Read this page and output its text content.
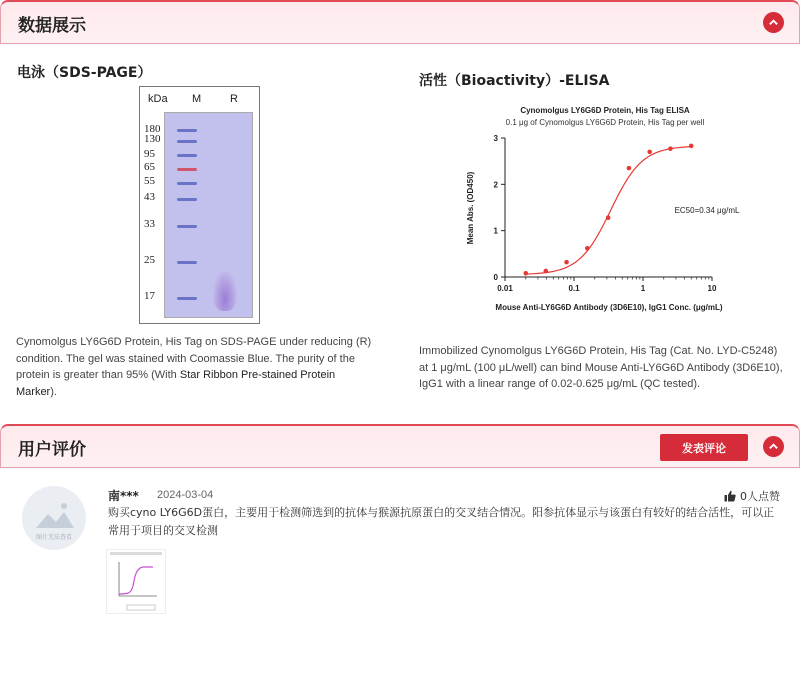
数据展示
电泳（SDS-PAGE）
kDa M	R
180
130
95
65
55
43
33
25
17
Cynomolgus LY6G6D Protein, His Tag on SDS-PAGE under reducing (R) condition. The gel was stained with Coomassie Blue. The purity of the protein is greater than 95% (With Star Ribbon Pre-stained Protein Marker).
活性（Bioactivity）-ELISA
Cynomolgus LY6G6D Protein, His Tag ELISA
0.1 μg of Cynomolgus LY6G6D Protein, His Tag per well
Mean Abs. (OD450)
Mouse Anti-LY6G6D Antibody (3D6E10), IgG1 Conc. (μg/mL)
EC50=0.34 μg/mL
0
1
2
3
0.01	0.1	1	10
Immobilized Cynomolgus LY6G6D Protein, His Tag (Cat. No. LYD-C5248) at 1 μg/mL (100 μL/well) can bind Mouse Anti-LY6G6D Antibody (3D6E10), IgG1 with a linear range of 0.02-0.625 μg/mL (QC tested).
用户评价	发表评论
图片无法查看
南*** 2024-03-04	0人点赞
购买cyno LY6G6D蛋白，主要用于检测筛选到的抗体与猴源抗原蛋白的交叉结合情况。阳参抗体显示与该蛋白有较好的结合活性，可以正常用于项目的交叉检测
